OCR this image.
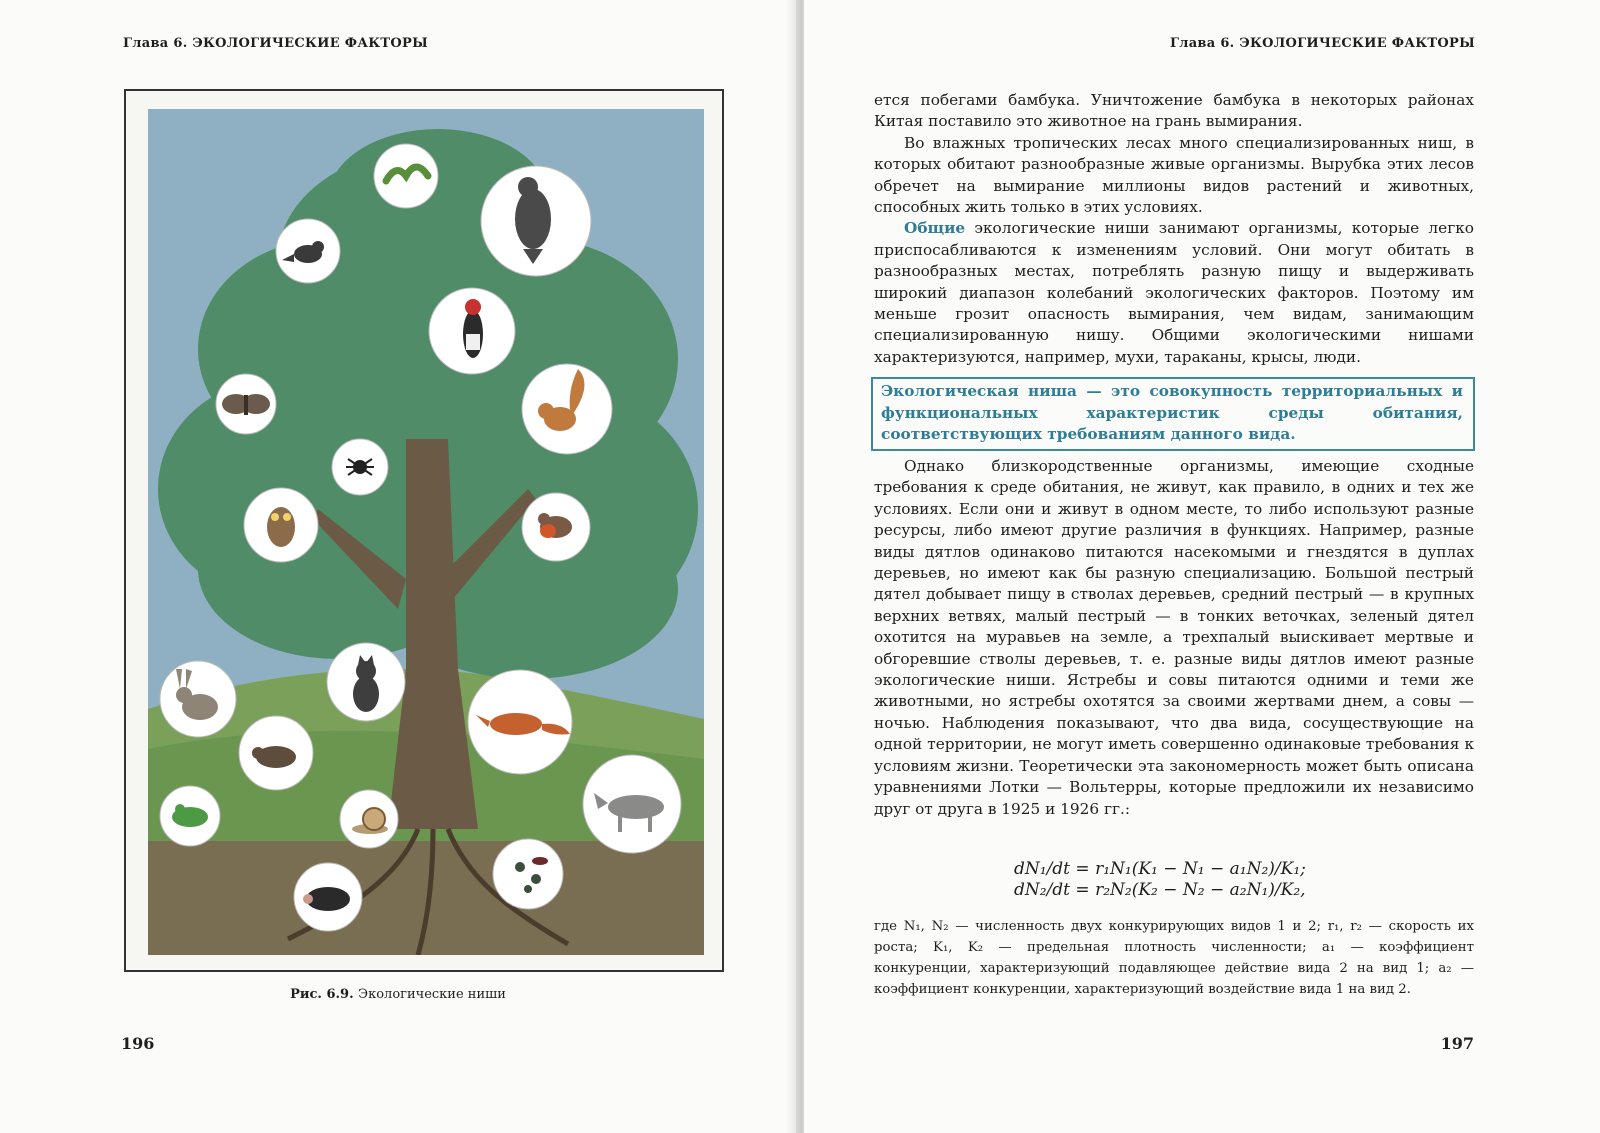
Глава 6. ЭКОЛОГИЧЕСКИЕ ФАКТОРЫ
Рис. 6.9. Экологические ниши
196
Глава 6. ЭКОЛОГИЧЕСКИЕ ФАКТОРЫ
197

ется побегами бамбука. Уничтожение бамбука в некоторых районах Китая поставило это животное на грань вымирания.

Во влажных тропических лесах много специализированных ниш, в которых обитают разнообразные живые организмы. Вырубка этих лесов обречет на вымирание миллионы видов растений и животных, способных жить только в этих условиях.

Общие экологические ниши занимают организмы, которые легко приспосабливаются к изменениям условий. Они могут обитать в разнообразных местах, потреблять разную пищу и выдерживать широкий диапазон колебаний экологических факторов. Поэтому им меньше грозит опасность вымирания, чем видам, занимающим специализированную нишу. Общими экологическими нишами характеризуются, например, мухи, тараканы, крысы, люди.

Экологическая ниша — это совокупность территориальных и функциональных характеристик среды обитания, соответствующих требованиям данного вида.

Однако близкородственные организмы, имеющие сходные требования к среде обитания, не живут, как правило, в одних и тех же условиях. Если они и живут в одном месте, то либо используют разные ресурсы, либо имеют другие различия в функциях. Например, разные виды дятлов одинаково питаются насекомыми и гнездятся в дуплах деревьев, но имеют как бы разную специализацию. Большой пестрый дятел добывает пищу в стволах деревьев, средний пестрый — в крупных верхних ветвях, малый пестрый — в тонких веточках, зеленый дятел охотится на муравьев на земле, а трехпалый выискивает мертвые и обгоревшие стволы деревьев, т. е. разные виды дятлов имеют разные экологические ниши. Ястребы и совы питаются одними и теми же животными, но ястребы охотятся за своими жертвами днем, а совы — ночью. Наблюдения показывают, что два вида, сосуществующие на одной территории, не могут иметь совершенно одинаковые требования к условиям жизни. Теоретически эта закономерность может быть описана уравнениями Лотки — Вольтерры, которые предложили их независимо друг от друга в 1925 и 1926 гг.:

dN₁/dt = r₁N₁(K₁ − N₁ − a₁N₂)/K₁;
dN₂/dt = r₂N₂(K₂ − N₂ − a₂N₁)/K₂,
где N₁, N₂ — численность двух конкурирующих видов 1 и 2; r₁, r₂ — скорость их роста; K₁, K₂ — предельная плотность численности; a₁ — коэффициент конкуренции, характеризующий подавляющее действие вида 2 на вид 1; a₂ — коэффициент конкуренции, характеризующий воздействие вида 1 на вид 2.
